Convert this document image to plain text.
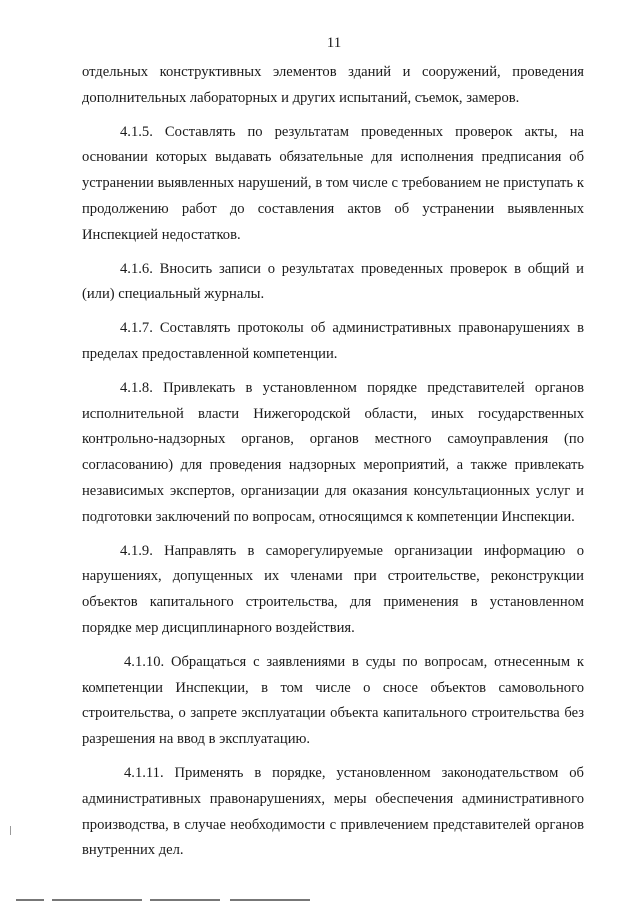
11

отдельных конструктивных элементов зданий и сооружений, проведения дополнительных лабораторных и других испытаний, съемок, замеров.

4.1.5. Составлять по результатам проведенных проверок акты, на основании которых выдавать обязательные для исполнения предписания об устранении выявленных нарушений, в том числе с требованием не приступать к продолжению работ до составления актов об устранении выявленных Инспекцией недостатков.

4.1.6. Вносить записи о результатах проведенных проверок в общий и (или) специальный журналы.

4.1.7. Составлять протоколы об административных правонарушениях в пределах предоставленной компетенции.

4.1.8. Привлекать в установленном порядке представителей органов исполнительной власти Нижегородской области, иных государственных контрольно-надзорных органов, органов местного самоуправления (по согласованию) для проведения надзорных мероприятий, а также привлекать независимых экспертов, организации для оказания консультационных услуг и подготовки заключений по вопросам, относящимся к компетенции Инспекции.

4.1.9. Направлять в саморегулируемые организации информацию о нарушениях, допущенных их членами при строительстве, реконструкции объектов капитального строительства, для применения в установленном порядке мер дисциплинарного воздействия.

4.1.10. Обращаться с заявлениями в суды по вопросам, отнесенным к компетенции Инспекции, в том числе о сносе объектов самовольного строительства, о запрете эксплуатации объекта капитального строительства без разрешения на ввод в эксплуатацию.

4.1.11. Применять в порядке, установленном законодательством об административных правонарушениях, меры обеспечения административного производства, в случае необходимости с привлечением представителей органов внутренних дел.
